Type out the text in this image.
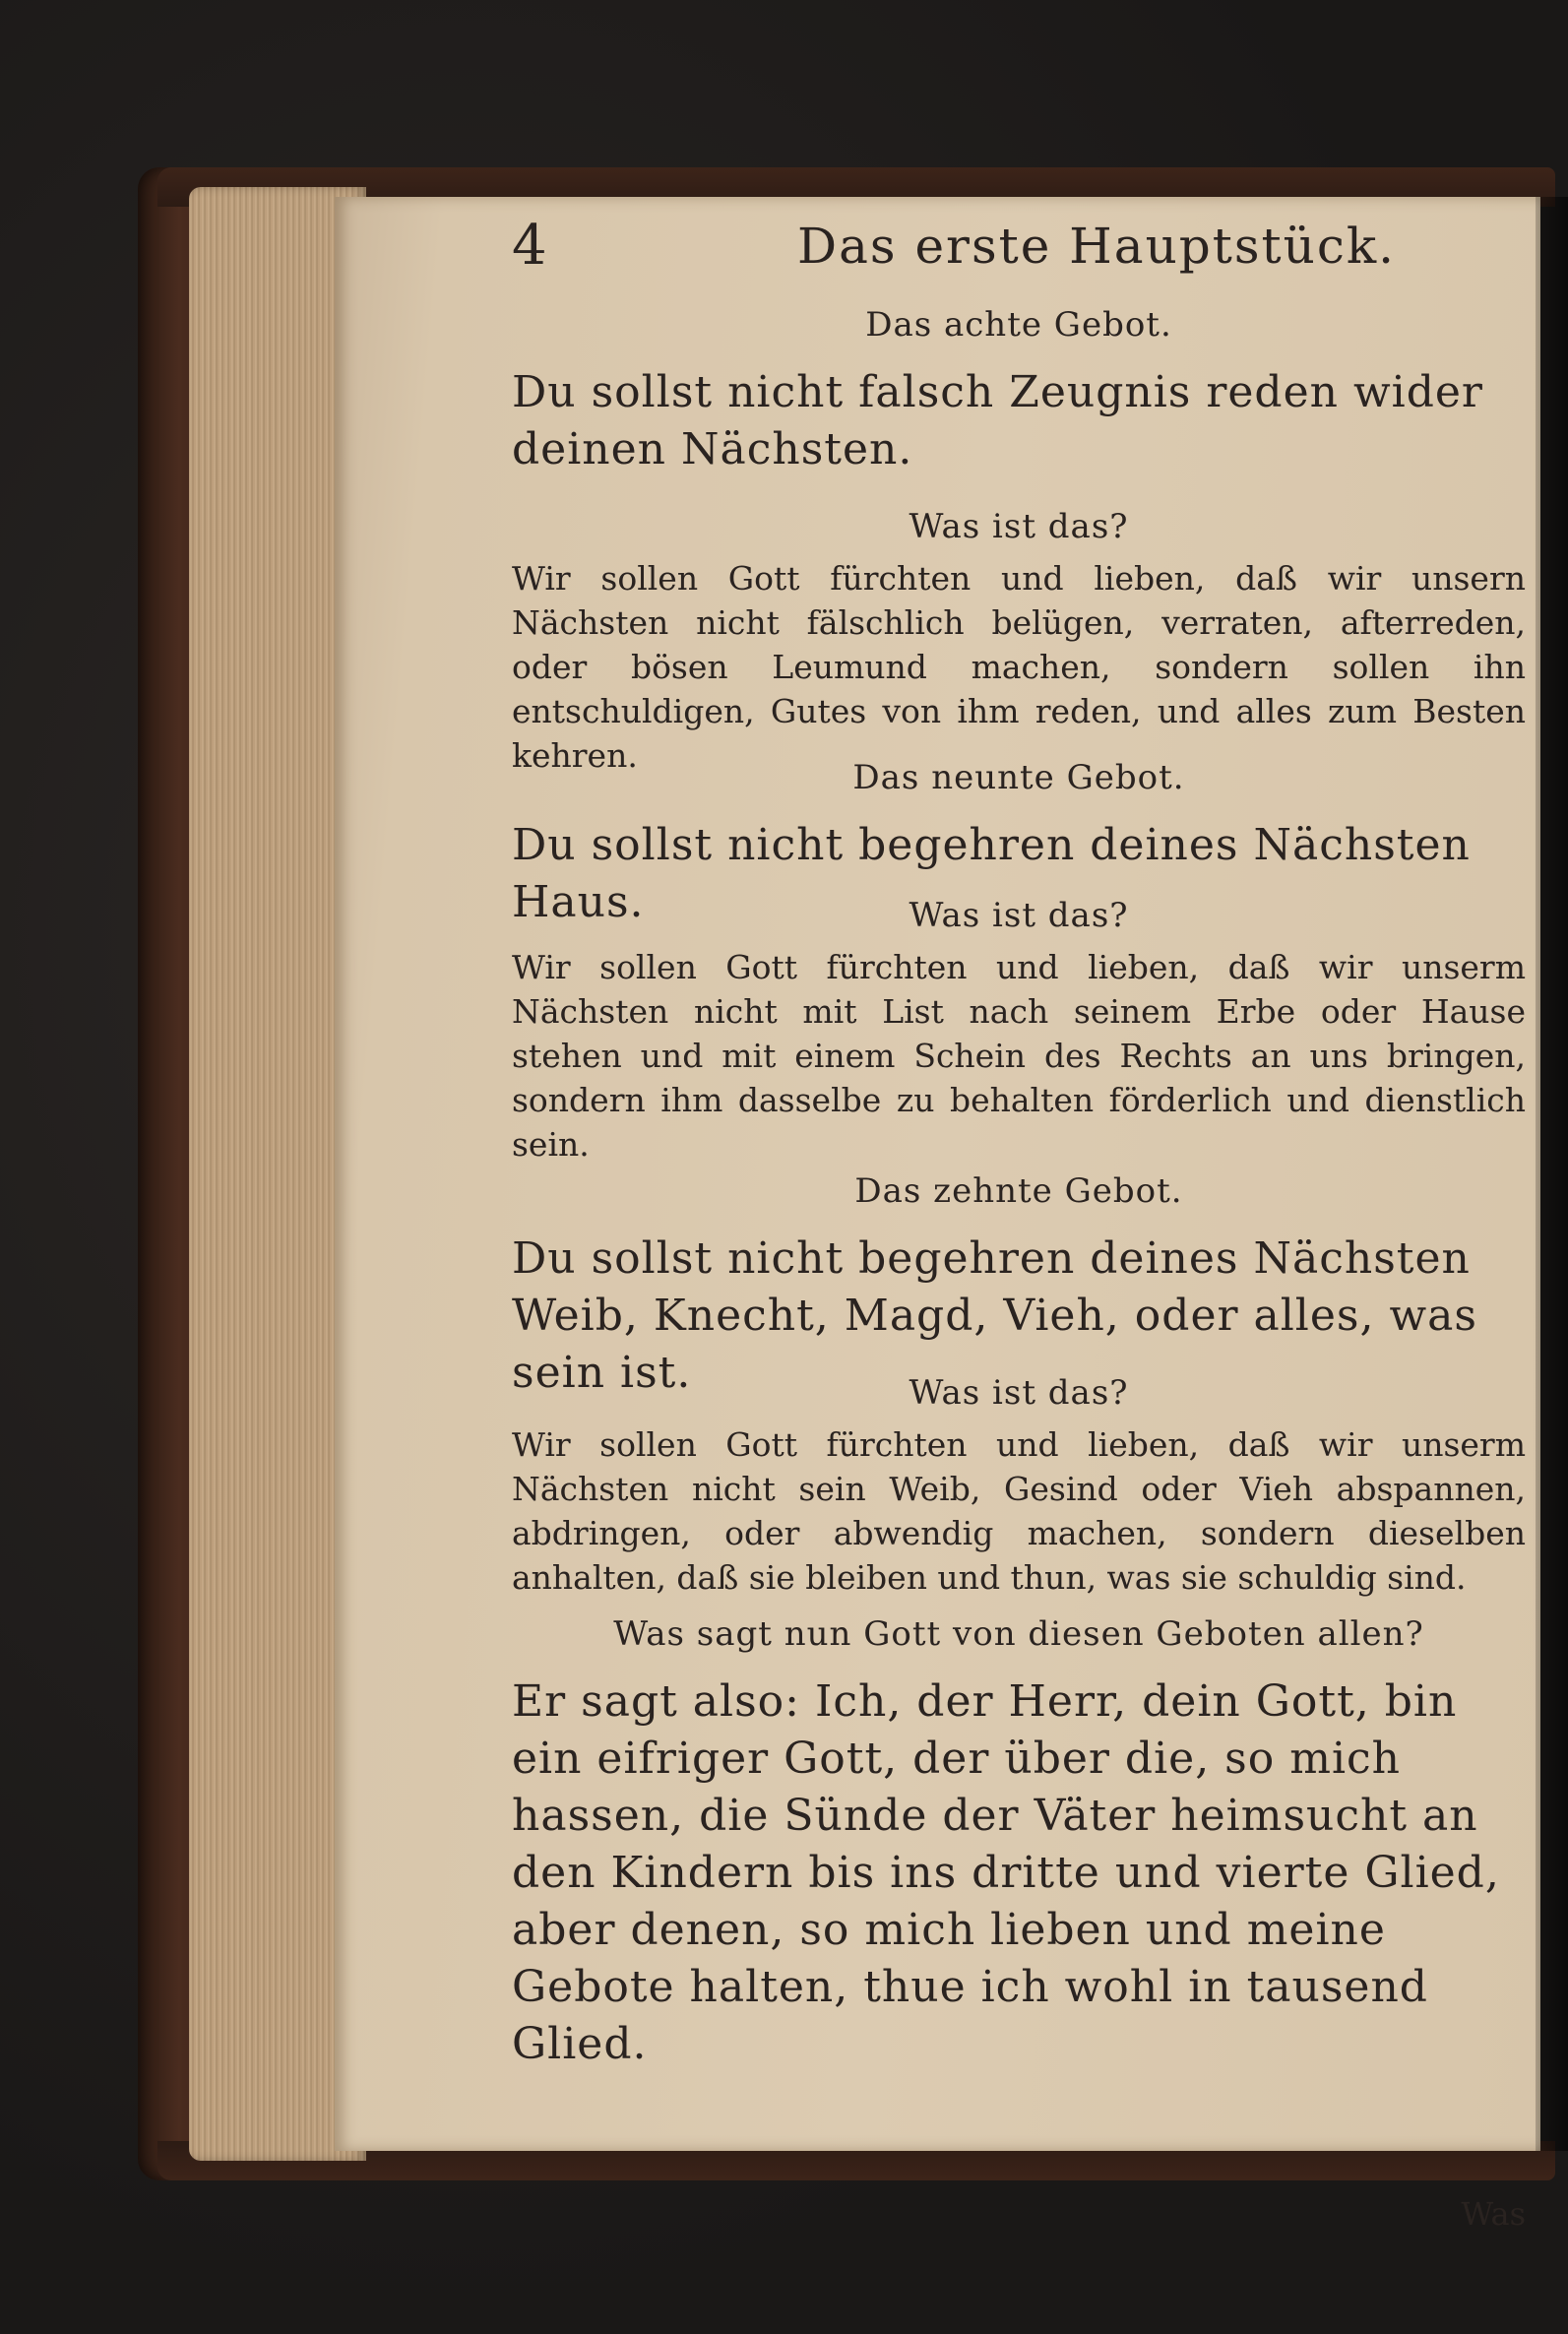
4	Das erste Hauptstück.
Das achte Gebot.
Du sollst nicht falsch Zeugnis reden wider deinen Nächsten.
Was ist das?
Wir sollen Gott fürchten und lieben, daß wir unsern Nächsten nicht fälschlich belügen, verraten, afterreden, oder bösen Leumund machen, sondern sollen ihn entschuldigen, Gutes von ihm reden, und alles zum Besten kehren.
Das neunte Gebot.
Du sollst nicht begehren deines Nächsten Haus.	Was ist das?
Wir sollen Gott fürchten und lieben, daß wir unserm Nächsten nicht mit List nach seinem Erbe oder Hause stehen und mit einem Schein des Rechts an uns bringen, sondern ihm dasselbe zu behalten förderlich und dienstlich sein.
Das zehnte Gebot.
Du sollst nicht begehren deines Nächsten Weib, Knecht, Magd, Vieh, oder alles, was sein ist.	Was ist das?
Wir sollen Gott fürchten und lieben, daß wir unserm Nächsten nicht sein Weib, Gesind oder Vieh abspannen, abdringen, oder abwendig machen, sondern dieselben anhalten, daß sie bleiben und thun, was sie schuldig sind.
Was sagt nun Gott von diesen Geboten allen?
Er sagt also: Ich, der Herr, dein Gott, bin ein eifriger Gott, der über die, so mich hassen, die Sünde der Väter heimsucht an den Kindern bis ins dritte und vierte Glied, aber denen, so mich lieben und meine Gebote halten, thue ich wohl in tausend Glied.
Was
